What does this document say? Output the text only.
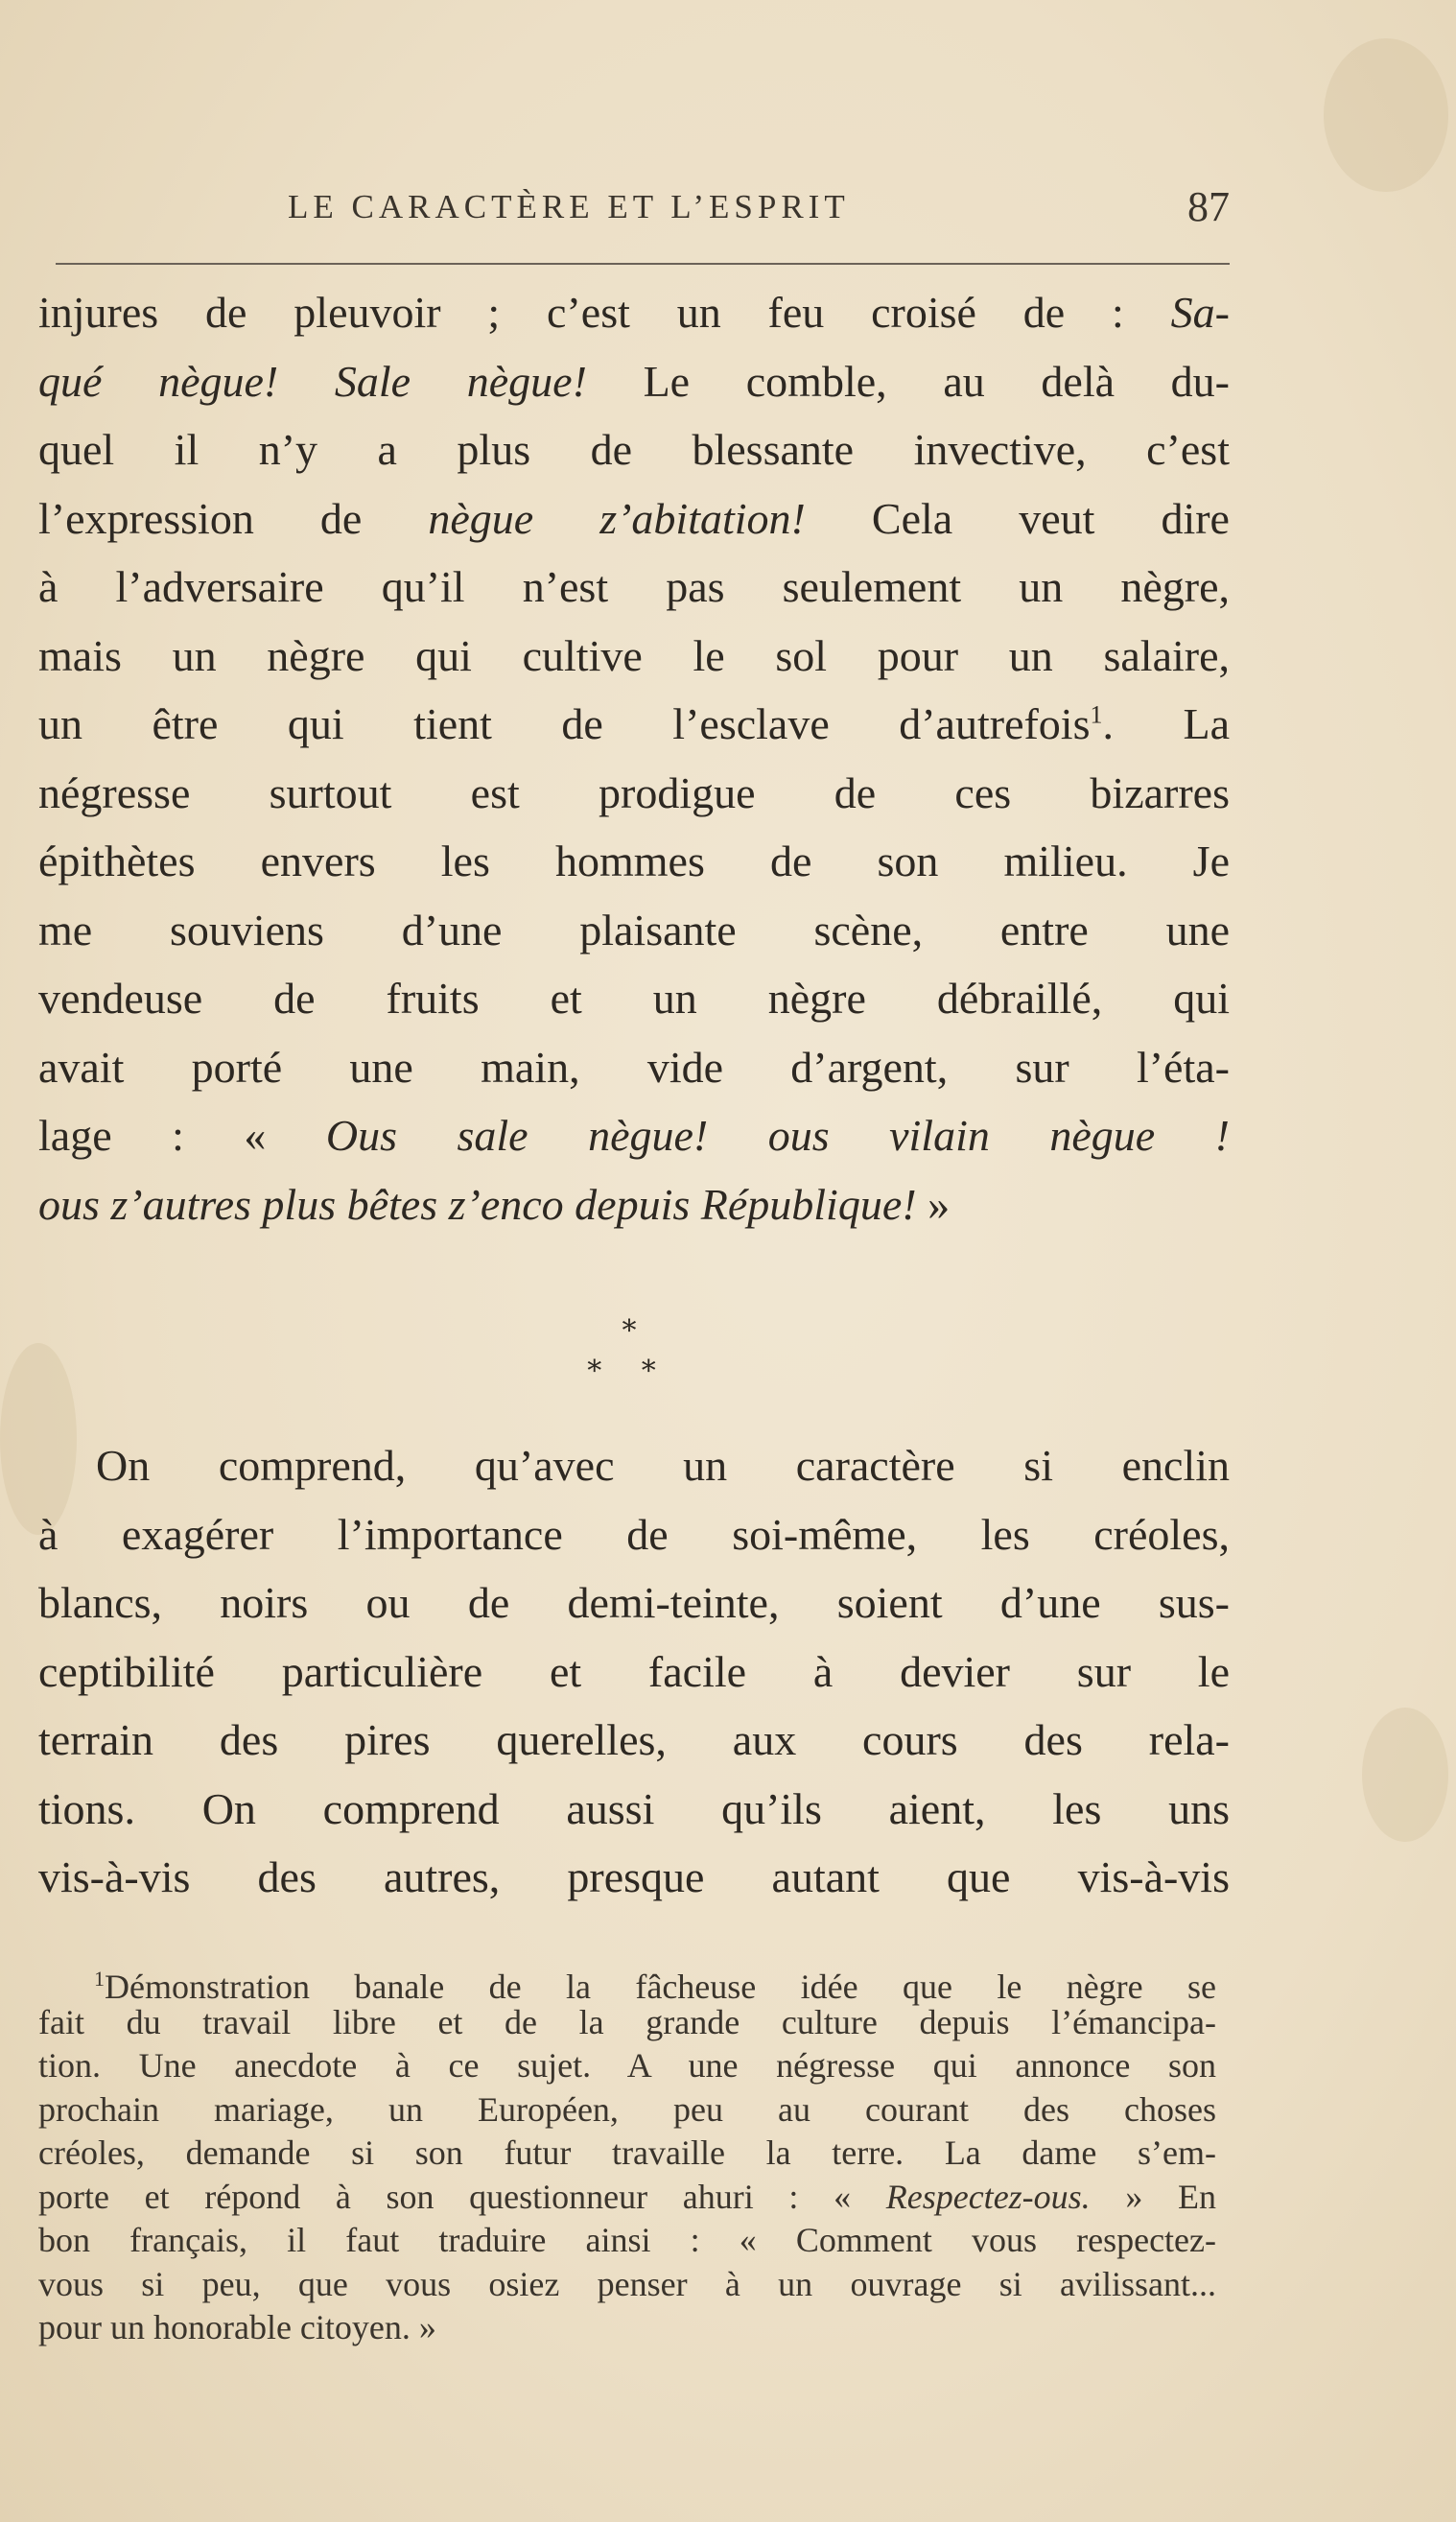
LE CARACTÈRE ET L’ESPRIT	87
injures de pleuvoir ; c’est un feu croisé de : Sa-
qué nègue! Sale nègue! Le comble, au delà du-
quel il n’y a plus de blessante invective, c’est
l’expression de nègue z’abitation! Cela veut dire
à l’adversaire qu’il n’est pas seulement un nègre,
mais un nègre qui cultive le sol pour un salaire,
un être qui tient de l’esclave d’autrefois$^1$. La
négresse surtout est prodigue de ces bizarres
épithètes envers les hommes de son milieu. Je
me souviens d’une plaisante scène, entre une
vendeuse de fruits et un nègre débraillé, qui
avait porté une main, vide d’argent, sur l’éta-
lage : « Ous sale nègue! ous vilain nègue !
ous z’autres plus bêtes z’enco depuis République! »
*
* *
On comprend, qu’avec un caractère si enclin
à exagérer l’importance de soi-même, les créoles,
blancs, noirs ou de demi-teinte, soient d’une sus-
ceptibilité particulière et facile à devier sur le
terrain des pires querelles, aux cours des rela-
tions. On comprend aussi qu’ils aient, les uns
vis-à-vis des autres, presque autant que vis-à-vis
$^1$Démonstration banale de la fâcheuse idée que le nègre se
fait du travail libre et de la grande culture depuis l’émancipa-
tion. Une anecdote à ce sujet. A une négresse qui annonce son
prochain mariage, un Européen, peu au courant des choses
créoles, demande si son futur travaille la terre. La dame s’em-
porte et répond à son questionneur ahuri : « Respectez-ous. » En
bon français, il faut traduire ainsi : « Comment vous respectez-
vous si peu, que vous osiez penser à un ouvrage si avilissant...
pour un honorable citoyen. »
